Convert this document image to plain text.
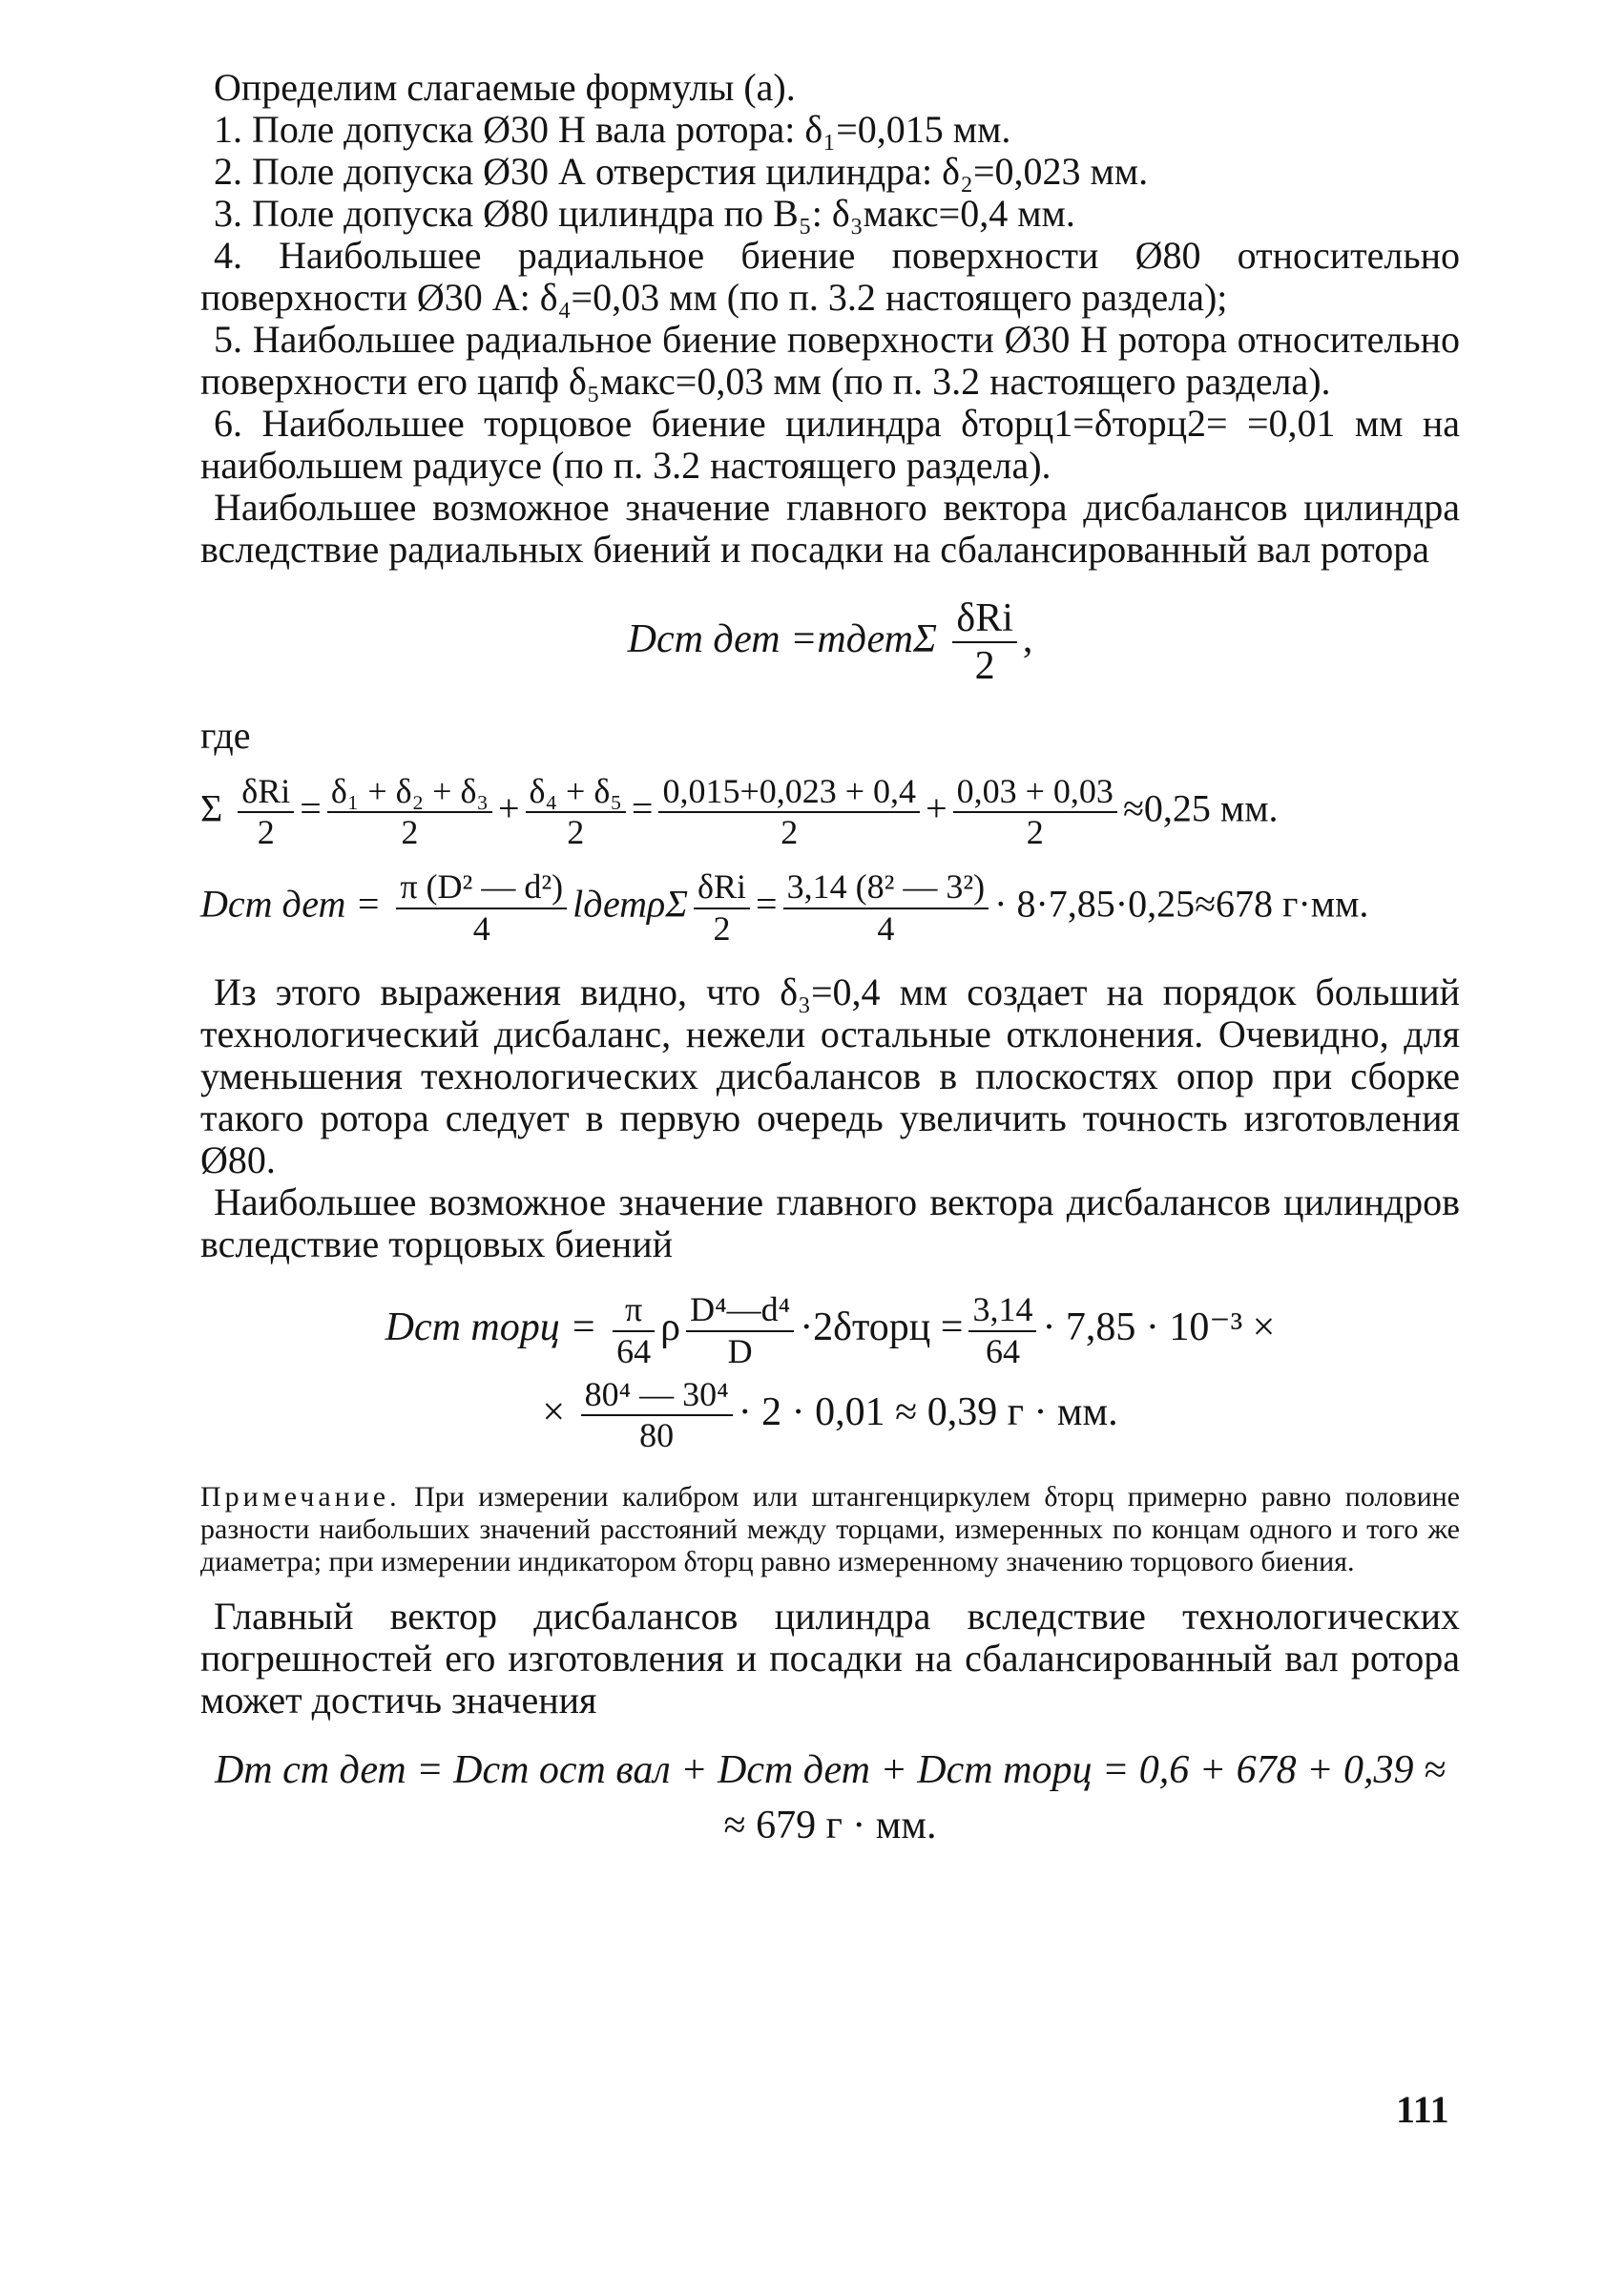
Определим слагаемые формулы (а).

1. Поле допуска Ø30 Н вала ротора: δ₁=0,015 мм.

2. Поле допуска Ø30 А отверстия цилиндра: δ₂=0,023 мм.

3. Поле допуска Ø80 цилиндра по B₅: δ₃макс=0,4 мм.

4. Наибольшее радиальное биение поверхности Ø80 относительно поверхности Ø30 А: δ₄=0,03 мм (по п. 3.2 настоящего раздела);

5. Наибольшее радиальное биение поверхности Ø30 Н ротора относительно поверхности его цапф δ₅макс=0,03 мм (по п. 3.2 настоящего раздела).

6. Наибольшее торцовое биение цилиндра δторц1=δторц2= =0,01 мм на наибольшем радиусе (по п. 3.2 настоящего раздела).

Наибольшее возможное значение главного вектора дисбалансов цилиндра вследствие радиальных биений и посадки на сбалансированный вал ротора

Dст дет =mдетΣ $\frac{\text{δRi}}{2}$ ,
где
Σ $\frac{\text{δRi}}{2} = \frac{\text{δ₁ + δ₂ + δ₃}}{2} + \frac{\text{δ₄ + δ₅}}{2} = \frac{0,015+0,023 + 0,4}{2} + \frac{0,03 + 0,03}{2} \approx 0,25$ мм.
Dст дет = $\frac{\text{π (D² — d²)}}{4}$ lдетρΣ $\frac{\text{δRi}}{2} = \frac{\text{3,14 (8² — 3²)}}{4} \cdot 8\cdot 7,85\cdot 0,25\approx 678$ г·мм.

Из этого выражения видно, что δ₃=0,4 мм создает на порядок больший технологический дисбаланс, нежели остальные отклонения. Очевидно, для уменьшения технологических дисбалансов в плоскостях опор при сборке такого ротора следует в первую очередь увеличить точность изготовления Ø80.

Наибольшее возможное значение главного вектора дисбалансов цилиндров вследствие торцовых биений

Dст торц = $\frac{\pi}{64}$ ρ $\frac{\text{D⁴—d⁴}}{D}$ ·2δторц = $\frac{3,14}{64} \cdot 7,85 \cdot 10^{-3}$ ×
× $\frac{\text{80⁴ — 30⁴}}{80} \cdot 2 \cdot 0,01 \approx 0,39$ г · мм.
Примечание. При измерении калибром или штангенциркулем δторц примерно равно половине разности наибольших значений расстояний между торцами, измеренных по концам одного и того же диаметра; при измерении индикатором δторц равно измеренному значению торцового биения.

Главный вектор дисбалансов цилиндра вследствие технологических погрешностей его изготовления и посадки на сбалансированный вал ротора может достичь значения

Dт ст дет = Dст ост вал + Dст дет + Dст торц = 0,6 + 678 + 0,39 ≈
≈ 679 г · мм.
111
